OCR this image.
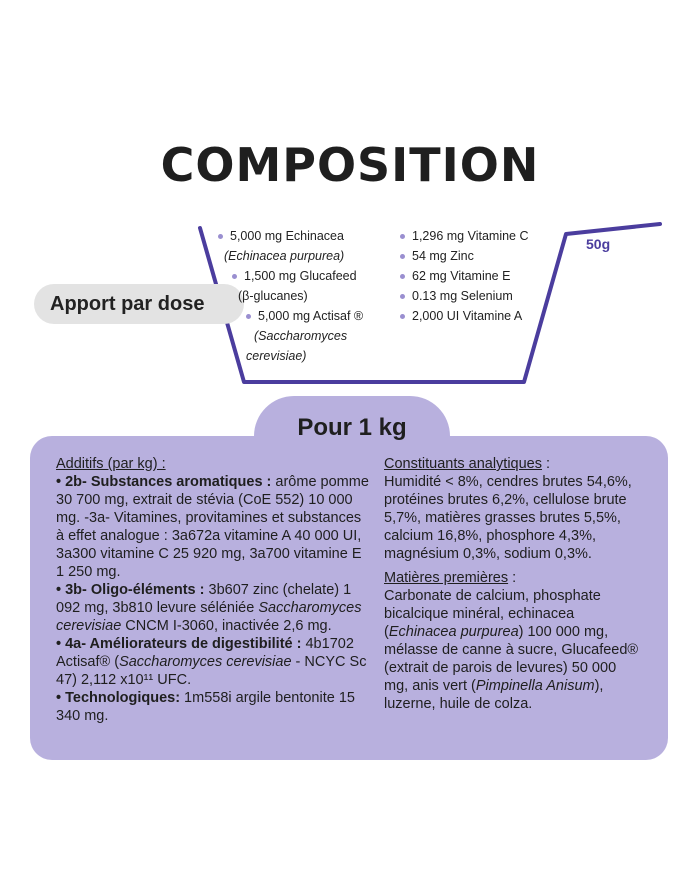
COMPOSITION
50g
Apport par dose
5,000 mg Echinacea
(Echinacea purpurea)
1,500 mg Glucafeed
(β-glucanes)
5,000 mg Actisaf ®
(Saccharomyces
cerevisiae)
1,296 mg Vitamine C
54 mg Zinc
62 mg Vitamine E
0.13 mg Selenium
2,000 UI Vitamine A
Pour 1 kg

Additifs (par kg) :

• 2b- Substances aromatiques : arôme pomme 30 700 mg, extrait de stévia (CoE 552) 10 000 mg. -3a- Vitamines, provitamines et substances à effet analogue : 3a672a vitamine A 40 000 UI, 3a300 vitamine C 25 920 mg, 3a700 vitamine E 1 250 mg.

• 3b- Oligo-éléments : 3b607 zinc (chelate) 1 092 mg, 3b810 levure séléniée Saccharomyces cerevisiae CNCM I-3060, inactivée 2,6 mg.

• 4a- Améliorateurs de digestibilité : 4b1702 Actisaf® (Saccharomyces cerevisiae - NCYC Sc 47) 2,112 x10¹¹ UFC.

• Technologiques: 1m558i argile bentonite 15 340 mg.

Constituants analytiques :

Humidité < 8%, cendres brutes 54,6%, protéines brutes 6,2%, cellulose brute 5,7%, matières grasses brutes 5,5%, calcium 16,8%, phosphore 4,3%, magnésium 0,3%, sodium 0,3%.

Matières premières :

Carbonate de calcium, phosphate bicalcique minéral, echinacea (Echinacea purpurea) 100 000 mg, mélasse de canne à sucre, Glucafeed® (extrait de parois de levures) 50 000 mg, anis vert (Pimpinella Anisum), luzerne, huile de colza.
